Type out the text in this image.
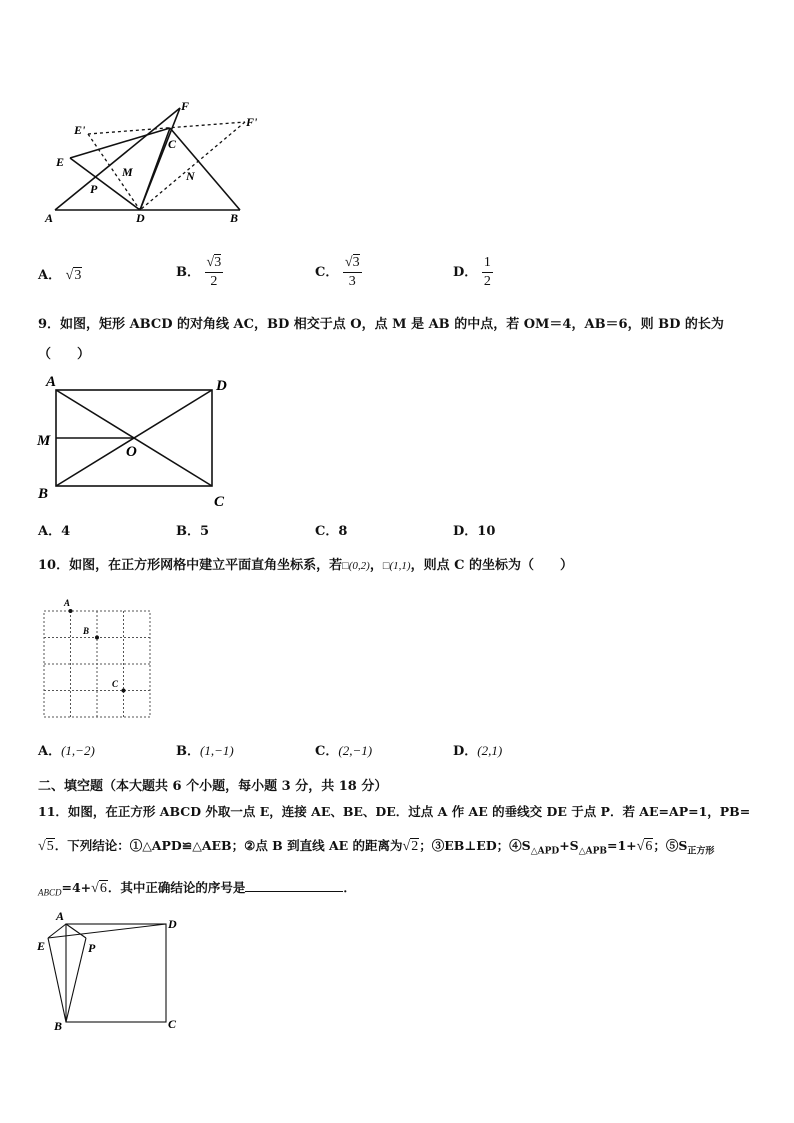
F
F'
E'
E
C
M
P
N
A	D	B
A． √3	B． $\frac{√3}{2}$	C． $\frac{√3}{3}$	D． $\frac{1}{2}$
9．如图，矩形 ABCD 的对角线 AC，BD 相交于点 O，点 M 是 AB 的中点，若 OM＝4，AB＝6，则 BD 的长为
（　　）
A	D
M
O
B	C
A．4	B．5	C．8	D．10
10．如图，在正方形网格中建立平面直角坐标系，若□(0,2)，□(1,1)，则点 C 的坐标为（　　）
A
B
C
A．(1,−2)	B．(1,−1)	C．(2,−1)	D．(2,1)
二、填空题（本大题共 6 个小题，每小题 3 分，共 18 分）
11．如图，在正方形 ABCD 外取一点 E，连接 AE、BE、DE．过点 A 作 AE 的垂线交 DE 于点 P．若 AE=AP=1，PB=
√5．下列结论：①△APD≌△AEB；②点 B 到直线 AE 的距离为√2；③EB⊥ED；$④S_{\triangle APD}+S_{\triangle APB}=1+√6$；$⑤S_{正方形}$
$_{ABCD}$=4+√6．其中正确结论的序号是	．
A
D
E	P
B	C
